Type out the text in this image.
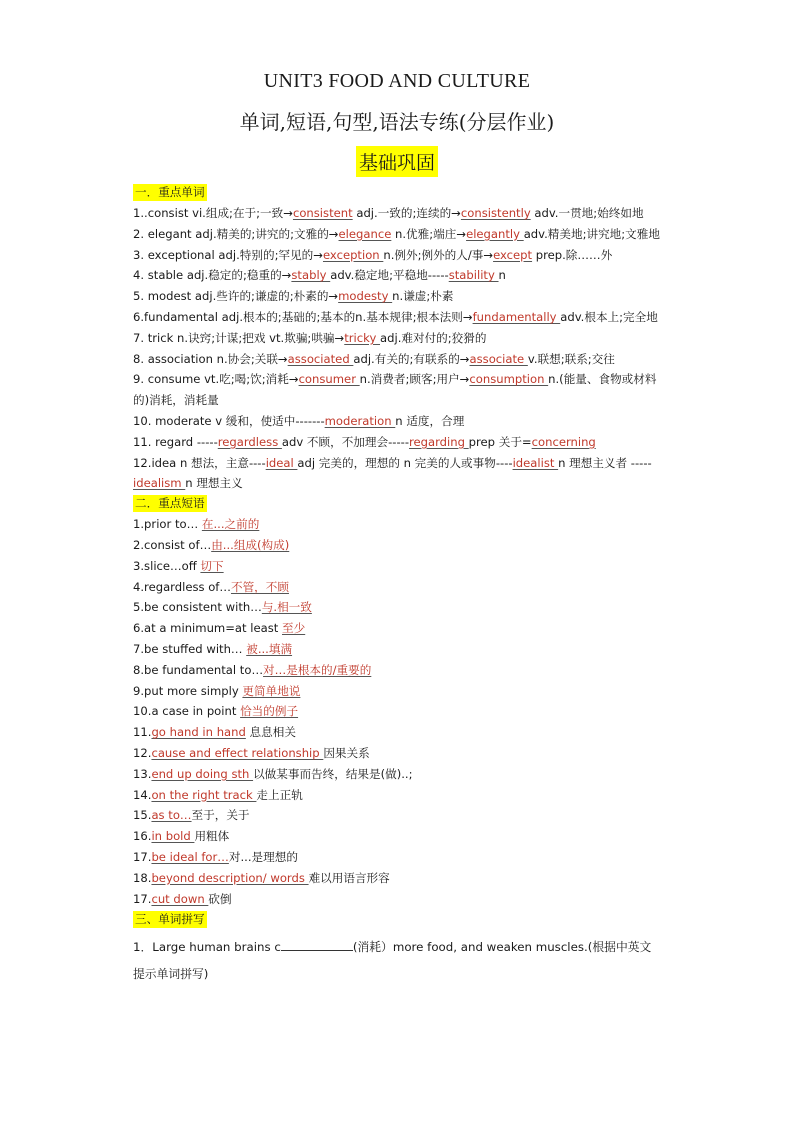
UNIT3 FOOD AND CULTURE
单词,短语,句型,语法专练(分层作业)
基础巩固
一．重点单词
1..consist vi.组成;在于;一致→consistent adj.一致的;连续的→consistently adv.一贯地;始终如地
2. elegant adj.精美的;讲究的;文雅的→elegance n.优雅;端庄→elegantly adv.精美地;讲究地;文雅地
3. exceptional adj.特别的;罕见的→exception n.例外;例外的人/事→except prep.除……外
4. stable adj.稳定的;稳重的→stably adv.稳定地;平稳地-----stability n
5. modest adj.些许的;谦虚的;朴素的→modesty n.谦虚;朴素
6.fundamental adj.根本的;基础的;基本的n.基本规律;根本法则→fundamentally adv.根本上;完全地
7. trick n.诀窍;计谋;把戏 vt.欺骗;哄骗→tricky adj.难对付的;狡猾的
8. association n.协会;关联→associated adj.有关的;有联系的→associate v.联想;联系;交往
9. consume vt.吃;喝;饮;消耗→consumer n.消费者;顾客;用户→consumption n.(能量、食物或材料的)消耗，消耗量
10. moderate v 缓和，使适中-------moderation n 适度，合理
11. regard -----regardless adv 不顾，不加理会-----regarding prep 关于=concerning
12.idea n 想法，主意----ideal adj 完美的，理想的 n 完美的人或事物----idealist n 理想主义者 -----idealism n 理想主义
二．重点短语
1.prior to… 在...之前的
2.consist of…由...组成(构成)
3.slice…off 切下
4.regardless of…不管，不顾
5.be consistent with…与.相一致
6.at a minimum=at least 至少
7.be stuffed with… 被...填满
8.be fundamental to…对…是根本的/重要的
9.put more simply 更简单地说
10.a case in point 恰当的例子
11.go hand in hand 息息相关
12.cause and effect relationship 因果关系
13.end up doing sth 以做某事而告终，结果是(做)..;
14.on the right track 走上正轨
15.as to…至于，关于
16.in bold 用粗体
17.be ideal for…对...是理想的
18.beyond description/ words 难以用语言形容
17.cut down 砍倒
三、单词拼写
1．Large human brains c	(消耗）more food, and weaken muscles.(根据中英文提示单词拼写)
